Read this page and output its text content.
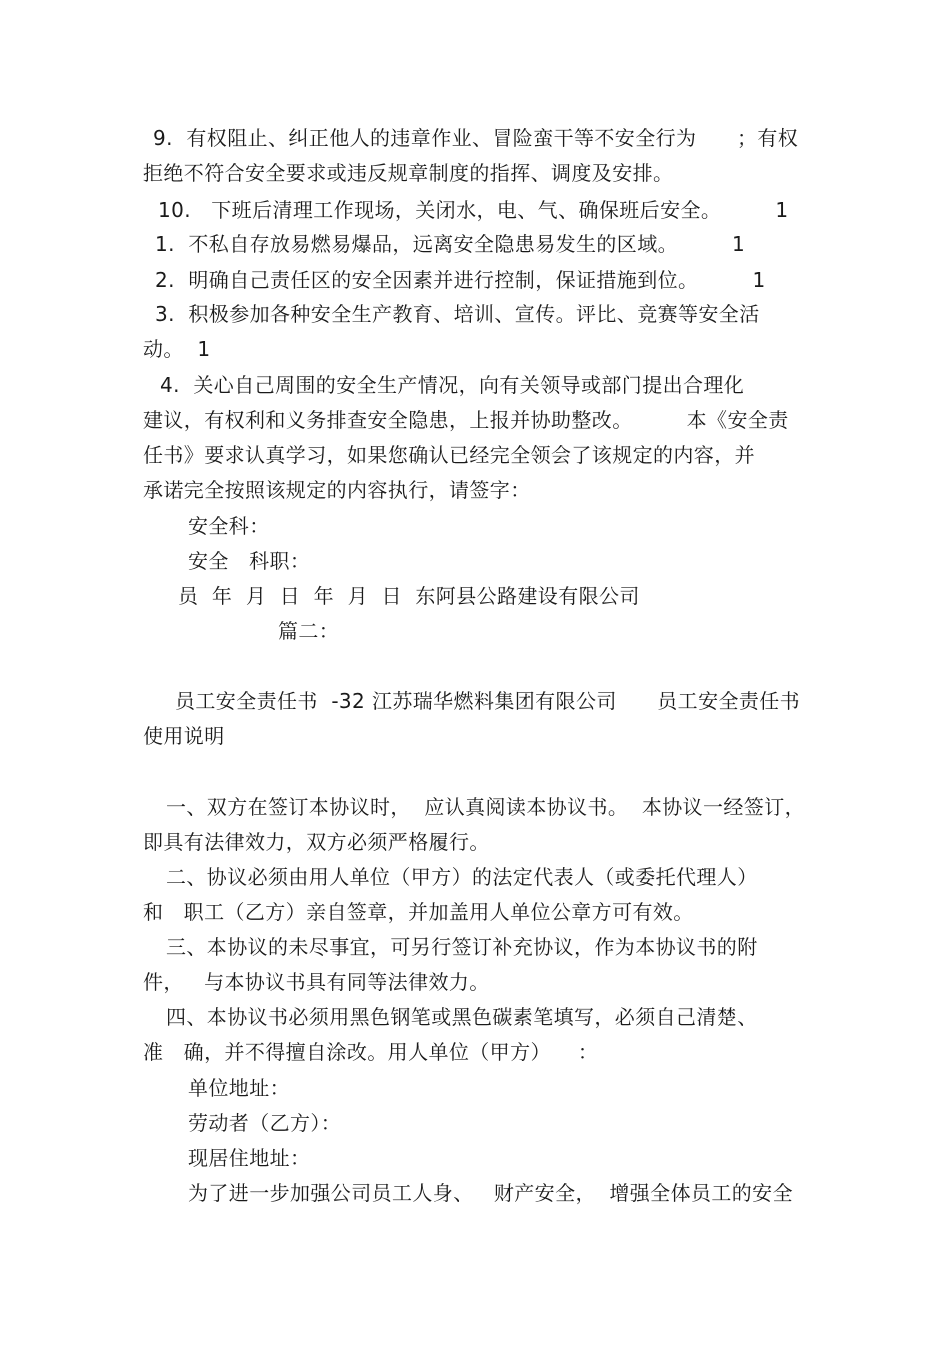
9.  有权阻止、纠正他人的违章作业、冒险蛮干等不安全行为      ；有权
拒绝不符合安全要求或违反规章制度的指挥、调度及安排。
10.   下班后清理工作现场，关闭水，电、气、确保班后安全。        1
1.  不私自存放易燃易爆品，远离安全隐患易发生的区域。        1
2.  明确自己责任区的安全因素并进行控制，保证措施到位。        1
3.  积极参加各种安全生产教育、培训、宣传。评比、竞赛等安全活
动。  1
4.  关心自己周围的安全生产情况，向有关领导或部门提出合理化
建议，有权利和义务排查安全隐患，上报并协助整改。        本《安全责
任书》要求认真学习，如果您确认已经完全领会了该规定的内容，并
承诺完全按照该规定的内容执行，请签字：
安全科：
安全   科职：
员  年  月  日  年  月  日  东阿县公路建设有限公司
篇二：
员工安全责任书  -32 江苏瑞华燃料集团有限公司      员工安全责任书
使用说明
一、双方在签订本协议时，  应认真阅读本协议书。  本协议一经签订，
即具有法律效力，双方必须严格履行。
二、协议必须由用人单位（甲方）的法定代表人（或委托代理人）
和   职工（乙方）亲自签章，并加盖用人单位公章方可有效。
三、本协议的未尽事宜，可另行签订补充协议，作为本协议书的附
件，   与本协议书具有同等法律效力。
四、本协议书必须用黑色钢笔或黑色碳素笔填写，必须自己清楚、
准   确，并不得擅自涂改。用人单位（甲方）    ：
单位地址：
劳动者（乙方）：
现居住地址：
为了进一步加强公司员工人身、   财产安全，  增强全体员工的安全
